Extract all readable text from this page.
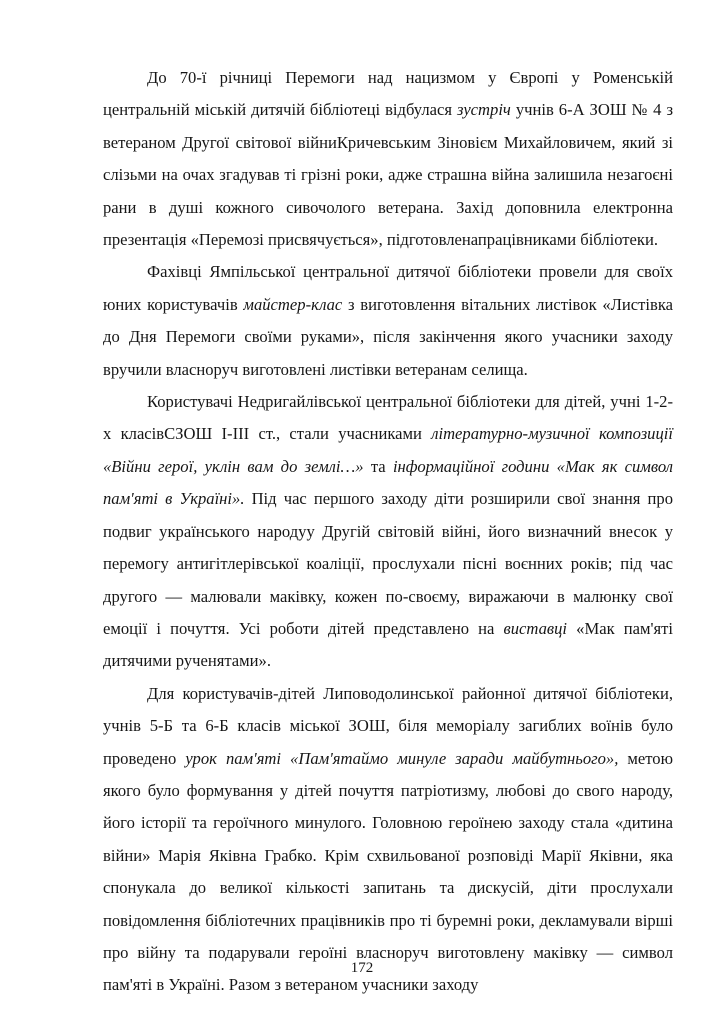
До 70-ї річниці Перемоги над нацизмом у Європі у Роменській центральній міській дитячій бібліотеці відбулася зустріч учнів 6-А ЗОШ № 4 з ветераном Другої світової війниКричевським Зіновієм Михайловичем, який зі слізьми на очах згадував ті грізні роки, адже страшна війна залишила незагоєні рани в душі кожного сивочолого ветерана. Захід доповнила електронна презентація «Перемозі присвячується», підготовленапрацівниками бібліотеки.

Фахівці Ямпільської центральної дитячої бібліотеки провели для своїх юних користувачів майстер-клас з виготовлення вітальних листівок «Листівка до Дня Перемоги своїми руками», після закінчення якого учасники заходу вручили власноруч виготовлені листівки ветеранам селища.

Користувачі Недригайлівської центральної бібліотеки для дітей, учні 1-2-х класівСЗОШ І-ІІІ ст., стали учасниками літературно-музичної композиції «Війни герої, уклін вам до землі…» та інформаційної години «Мак як символ пам'яті в Україні». Під час першого заходу діти розширили свої знання про подвиг українського народуу Другій світовій війні, його визначний внесок у перемогу антигітлерівської коаліції, прослухали пісні воєнних років; під час другого — малювали маківку, кожен по-своєму, виражаючи в малюнку свої емоції і почуття. Усі роботи дітей представлено на виставці «Мак пам'яті дитячими рученятами».

Для користувачів-дітей Липоводолинської районної дитячої бібліотеки, учнів 5-Б та 6-Б класів міської ЗОШ, біля меморіалу загиблих воїнів було проведено урок пам'яті «Пам'ятаймо минуле заради майбутнього», метою якого було формування у дітей почуття патріотизму, любові до свого народу, його історії та героїчного минулого. Головною героїнею заходу стала «дитина війни» Марія Яківна Грабко. Крім схвильованої розповіді Марії Яківни, яка спонукала до великої кількості запитань та дискусій, діти прослухали повідомлення бібліотечних працівників про ті буремні роки, декламували вірші про війну та подарували героїні власноруч виготовлену маківку — символ пам'яті в Україні. Разом з ветераном учасники заходу

172
